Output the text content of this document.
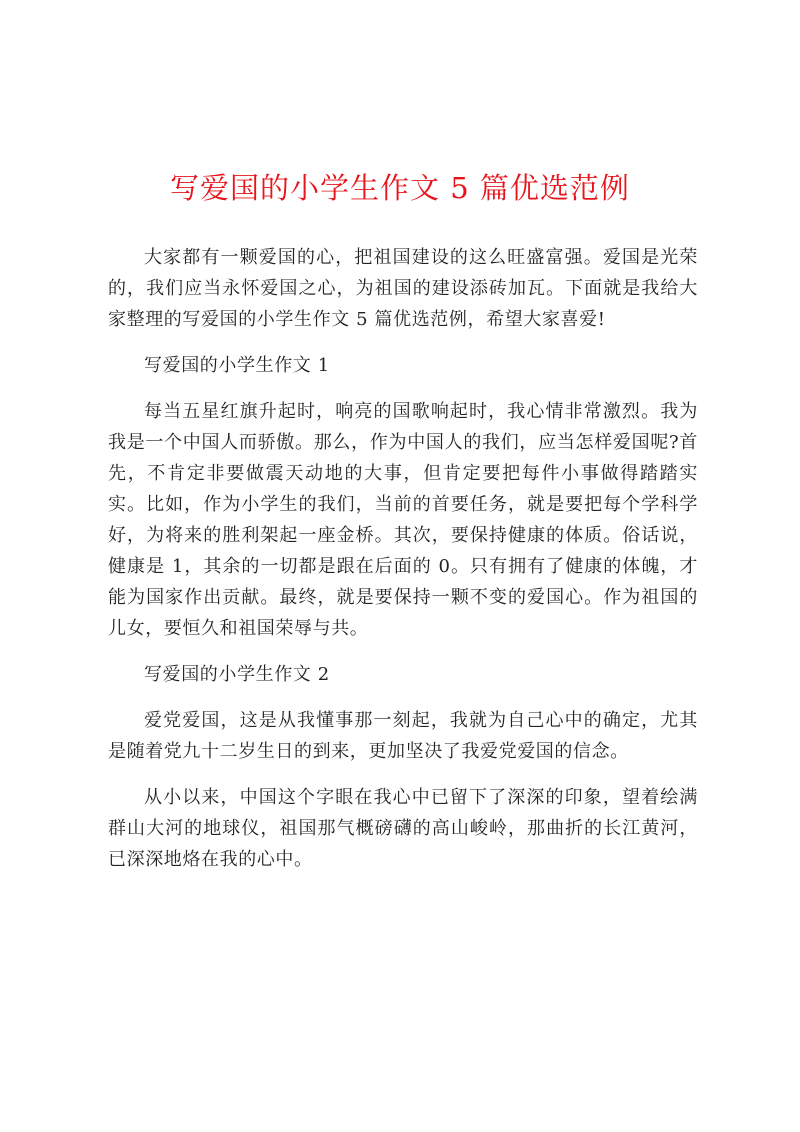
写爱国的小学生作文 5 篇优选范例

大家都有一颗爱国的心，把祖国建设的这么旺盛富强。爱国是光荣的，我们应当永怀爱国之心，为祖国的建设添砖加瓦。下面就是我给大家整理的写爱国的小学生作文 5 篇优选范例，希望大家喜爱!

写爱国的小学生作文 1

每当五星红旗升起时，响亮的国歌响起时，我心情非常激烈。我为我是一个中国人而骄傲。那么，作为中国人的我们，应当怎样爱国呢?首先，不肯定非要做震天动地的大事，但肯定要把每件小事做得踏踏实实。比如，作为小学生的我们，当前的首要任务，就是要把每个学科学好，为将来的胜利架起一座金桥。其次，要保持健康的体质。俗话说，健康是 1，其余的一切都是跟在后面的 0。只有拥有了健康的体魄，才能为国家作出贡献。最终，就是要保持一颗不变的爱国心。作为祖国的儿女，要恒久和祖国荣辱与共。

写爱国的小学生作文 2

爱党爱国，这是从我懂事那一刻起，我就为自己心中的确定，尤其是随着党九十二岁生日的到来，更加坚决了我爱党爱国的信念。

从小以来，中国这个字眼在我心中已留下了深深的印象，望着绘满群山大河的地球仪，祖国那气概磅礴的高山峻岭，那曲折的长江黄河，已深深地烙在我的心中。
